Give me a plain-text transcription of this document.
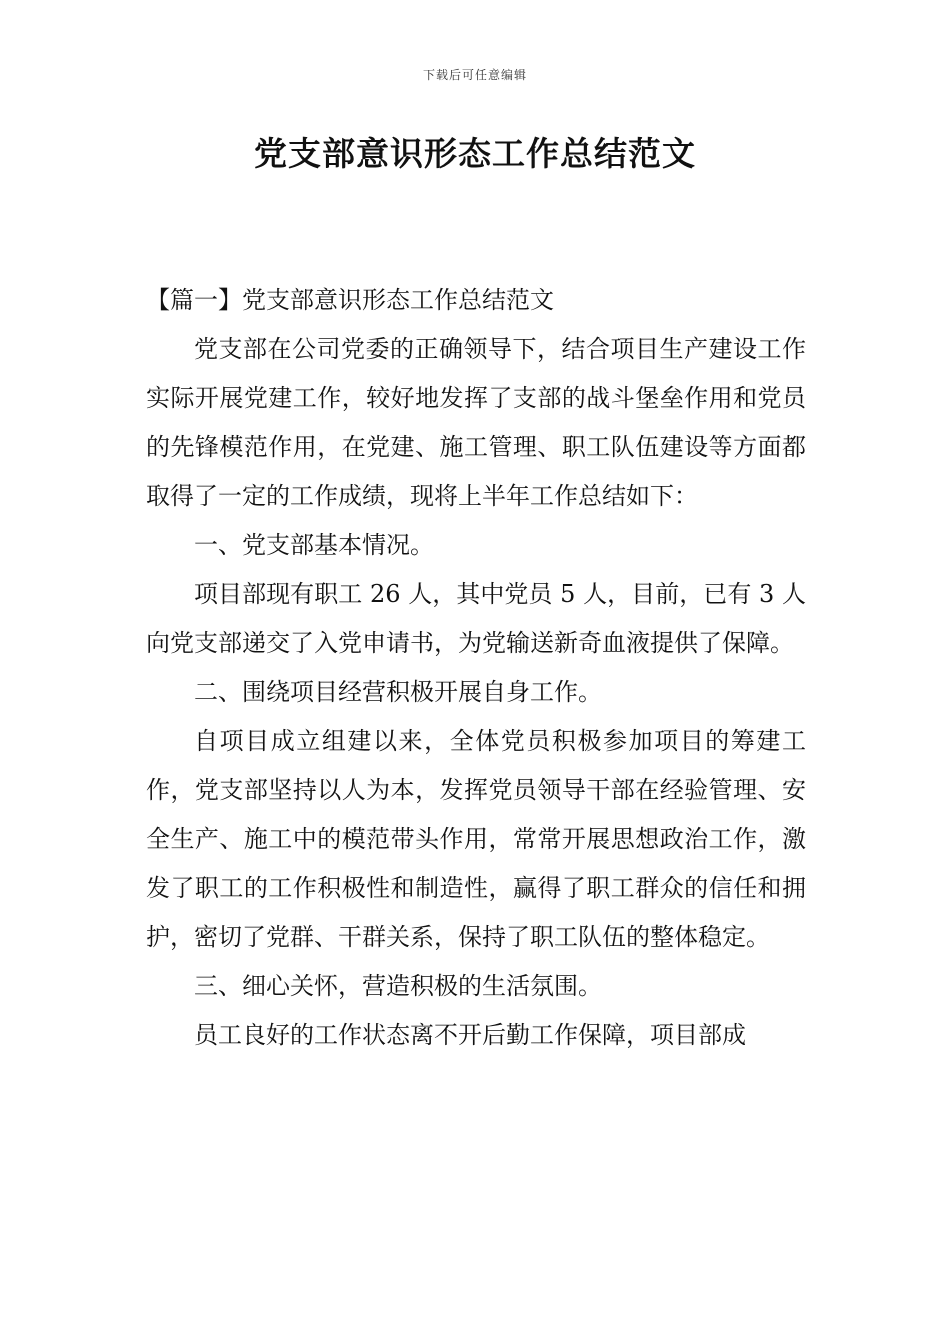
下载后可任意编辑
党支部意识形态工作总结范文

【篇一】党支部意识形态工作总结范文

党支部在公司党委的正确领导下，结合项目生产建设工作实际开展党建工作，较好地发挥了支部的战斗堡垒作用和党员的先锋模范作用，在党建、施工管理、职工队伍建设等方面都取得了一定的工作成绩，现将上半年工作总结如下：

一、党支部基本情况。

项目部现有职工 26 人，其中党员 5 人，目前，已有 3 人向党支部递交了入党申请书，为党输送新奇血液提供了保障。

二、围绕项目经营积极开展自身工作。

自项目成立组建以来，全体党员积极参加项目的筹建工作，党支部坚持以人为本，发挥党员领导干部在经验管理、安全生产、施工中的模范带头作用，常常开展思想政治工作，激发了职工的工作积极性和制造性，赢得了职工群众的信任和拥护，密切了党群、干群关系，保持了职工队伍的整体稳定。

三、细心关怀，营造积极的生活氛围。

员工良好的工作状态离不开后勤工作保障，项目部成
